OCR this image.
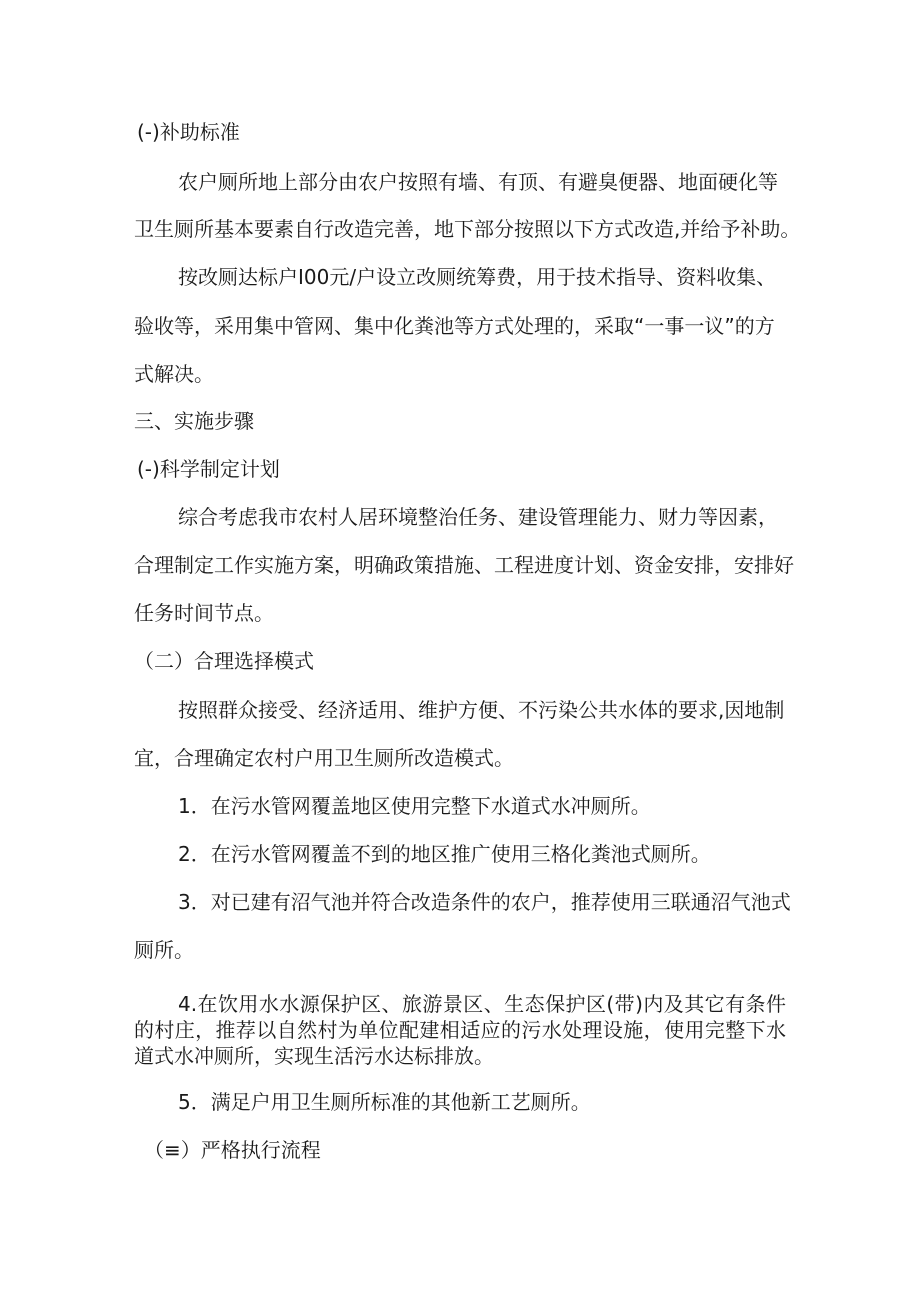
(-)补助标准

农户厕所地上部分由农户按照有墙、有顶、有避臭便器、地面硬化等

卫生厕所基本要素自行改造完善，地下部分按照以下方式改造,并给予补助。

按改厕达标户I00元/户设立改厕统筹费，用于技术指导、资料收集、

验收等，采用集中管网、集中化粪池等方式处理的，采取“一事一议”的方

式解决。

三、实施步骤

(-)科学制定计划

综合考虑我市农村人居环境整治任务、建设管理能力、财力等因素，

合理制定工作实施方案，明确政策措施、工程进度计划、资金安排，安排好

任务时间节点。

（二）合理选择模式

按照群众接受、经济适用、维护方便、不污染公共水体的要求,因地制

宜，合理确定农村户用卫生厕所改造模式。

1．在污水管网覆盖地区使用完整下水道式水冲厕所。

2．在污水管网覆盖不到的地区推广使用三格化粪池式厕所。

3．对已建有沼气池并符合改造条件的农户，推荐使用三联通沼气池式

厕所。

4.在饮用水水源保护区、旅游景区、生态保护区(带)内及其它有条件的村庄，推荐以自然村为单位配建相适应的污水处理设施，使用完整下水道式水冲厕所，实现生活污水达标排放。

5．满足户用卫生厕所标准的其他新工艺厕所。

（≡）严格执行流程
